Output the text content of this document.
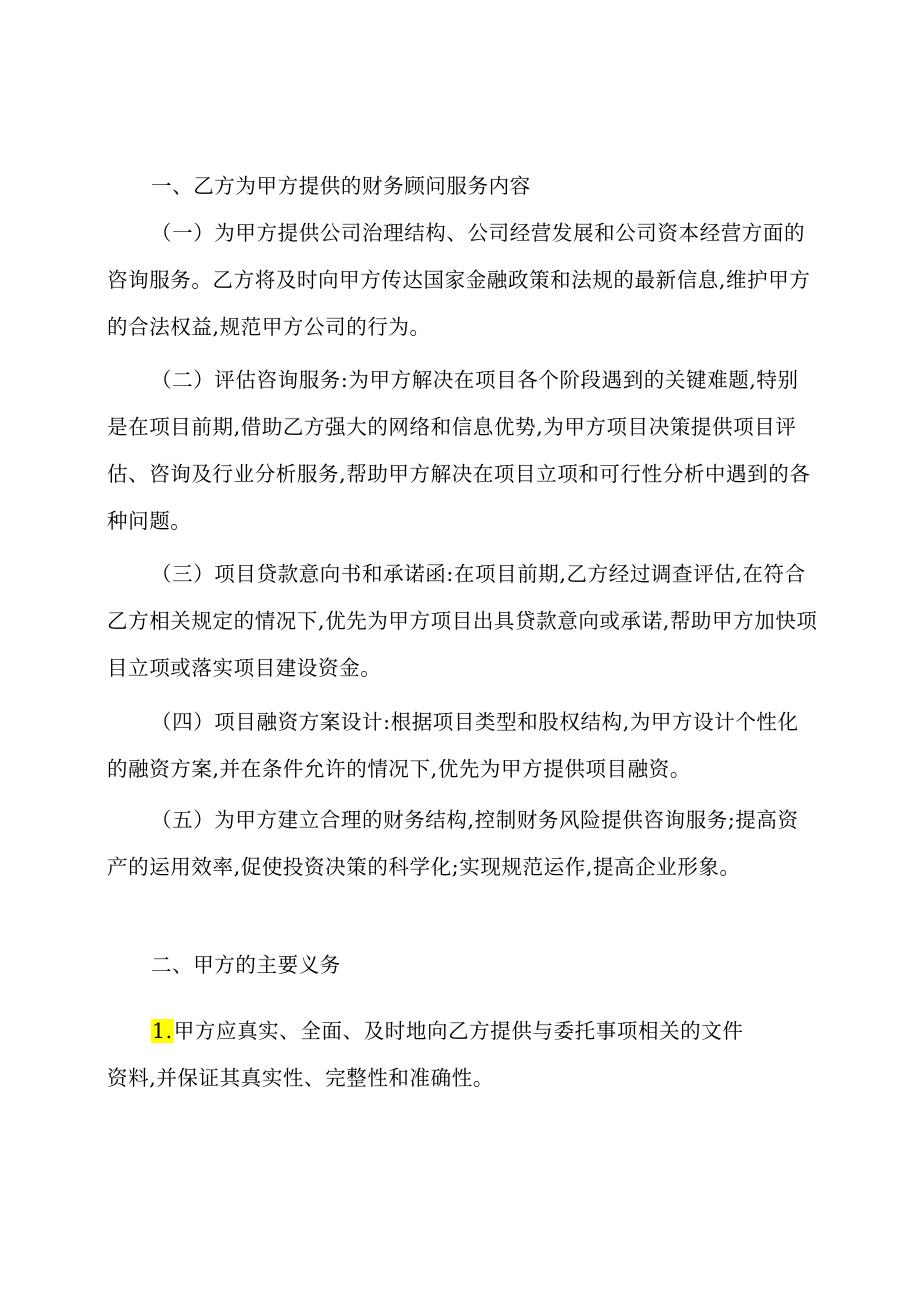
一、乙方为甲方提供的财务顾问服务内容

（一）为甲方提供公司治理结构、公司经营发展和公司资本经营方面的咨询服务。乙方将及时向甲方传达国家金融政策和法规的最新信息,维护甲方的合法权益,规范甲方公司的行为。

（二）评估咨询服务:为甲方解决在项目各个阶段遇到的关键难题,特别是在项目前期,借助乙方强大的网络和信息优势,为甲方项目决策提供项目评估、咨询及行业分析服务,帮助甲方解决在项目立项和可行性分析中遇到的各种问题。

（三）项目贷款意向书和承诺函:在项目前期,乙方经过调查评估,在符合乙方相关规定的情况下,优先为甲方项目出具贷款意向或承诺,帮助甲方加快项目立项或落实项目建设资金。

（四）项目融资方案设计:根据项目类型和股权结构,为甲方设计个性化的融资方案,并在条件允许的情况下,优先为甲方提供项目融资。

（五）为甲方建立合理的财务结构,控制财务风险提供咨询服务;提高资产的运用效率,促使投资决策的科学化;实现规范运作,提高企业形象。

二、甲方的主要义务

1.甲方应真实、全面、及时地向乙方提供与委托事项相关的文件资料,并保证其真实性、完整性和准确性。
